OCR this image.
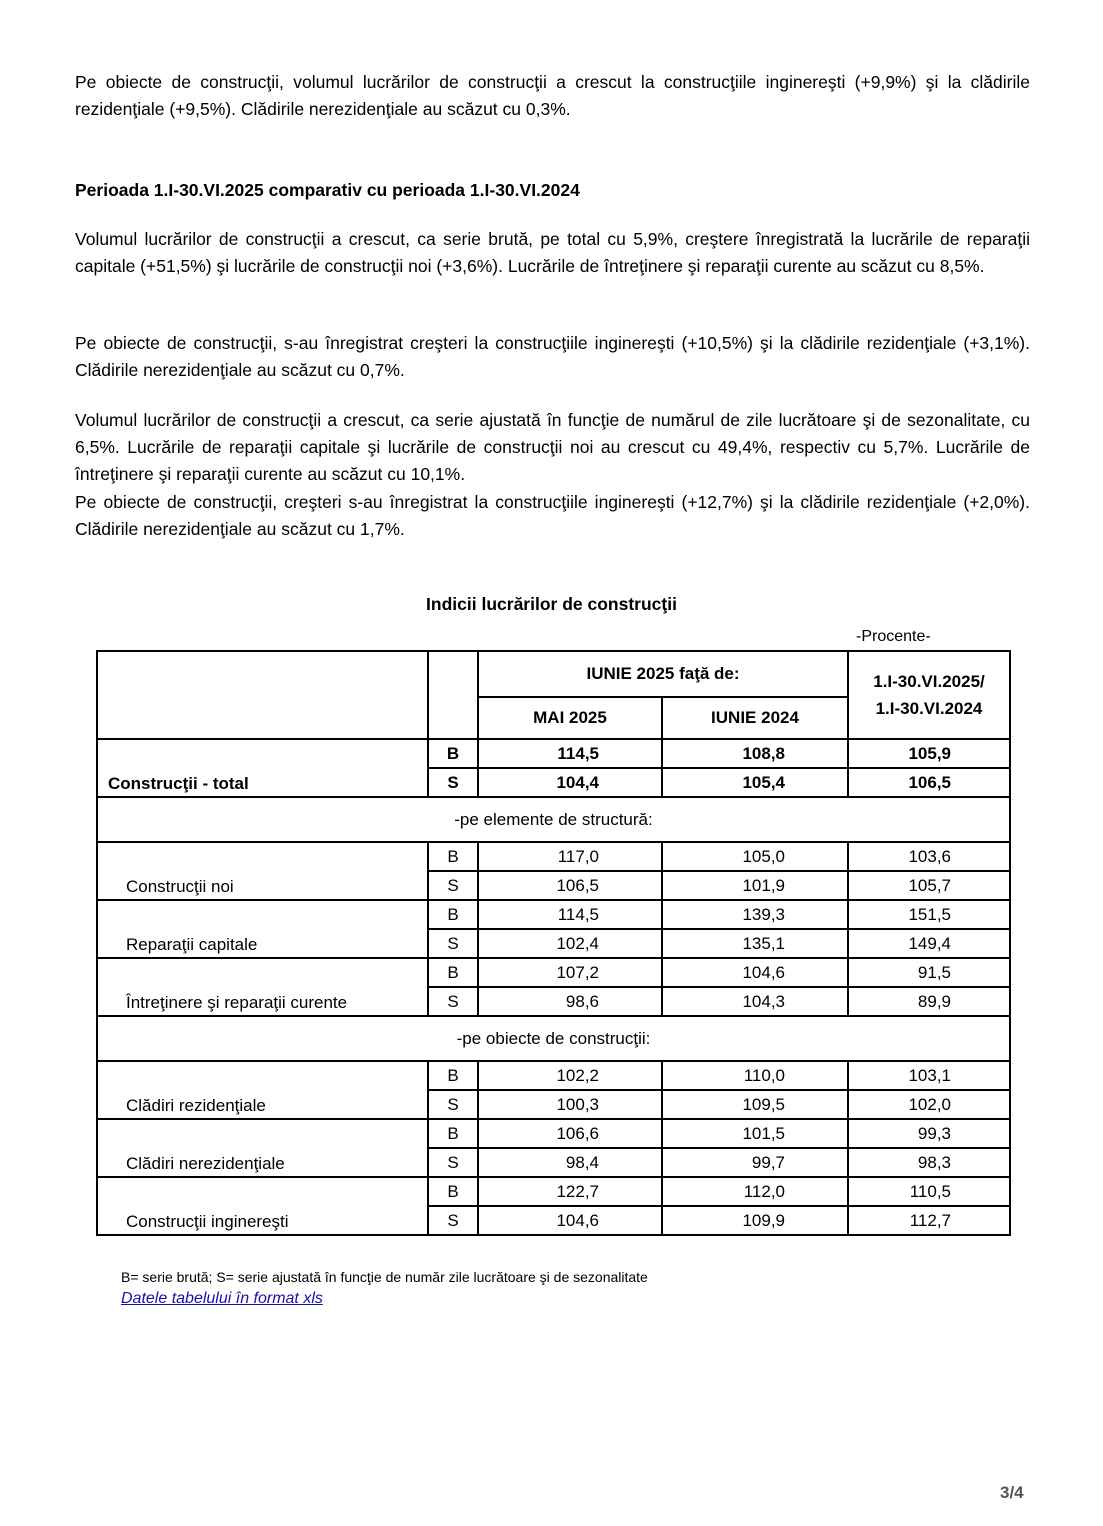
Pe obiecte de construcţii, volumul lucrărilor de construcţii a crescut la construcţiile inginereşti (+9,9%) şi la clădirile rezidenţiale (+9,5%). Clădirile nerezidenţiale au scăzut cu 0,3%.

Perioada 1.I-30.VI.2025 comparativ cu perioada 1.I-30.VI.2024

Volumul lucrărilor de construcţii a crescut, ca serie brută, pe total cu 5,9%, creştere înregistrată la lucrările de reparaţii capitale (+51,5%) şi lucrările de construcţii noi (+3,6%). Lucrările de întreţinere şi reparaţii curente au scăzut cu 8,5%.

Pe obiecte de construcţii, s-au înregistrat creşteri la construcţiile inginereşti (+10,5%) şi la clădirile rezidenţiale (+3,1%). Clădirile nerezidenţiale au scăzut cu 0,7%.

Volumul lucrărilor de construcţii a crescut, ca serie ajustată în funcţie de numărul de zile lucrătoare şi de sezonalitate, cu 6,5%. Lucrările de reparaţii capitale şi lucrările de construcţii noi au crescut cu 49,4%, respectiv cu 5,7%. Lucrările de întreţinere şi reparaţii curente au scăzut cu 10,1%.

Pe obiecte de construcţii, creşteri s-au înregistrat la construcţiile inginereşti (+12,7%) şi la clădirile rezidenţiale (+2,0%). Clădirile nerezidenţiale au scăzut cu 1,7%.

Indicii lucrărilor de construcţii

-Procente-

		IUNIE 2025 faţă de:		1.I-30.VI.2025/
1.I-30.VI.2024
		MAI 2025	IUNIE 2024	
Construcţii - total	B	114,5	108,8	105,9
	S	104,4	105,4	106,5
-pe elemente de structură:				
Construcţii noi	B	117,0	105,0	103,6
	S	106,5	101,9	105,7
Reparaţii capitale	B	114,5	139,3	151,5
	S	102,4	135,1	149,4
Întreţinere şi reparaţii curente	B	107,2	104,6	91,5
	S	98,6	104,3	89,9
-pe obiecte de construcţii:				
Clădiri rezidenţiale	B	102,2	110,0	103,1
	S	100,3	109,5	102,0
Clădiri nerezidenţiale	B	106,6	101,5	99,3
	S	98,4	99,7	98,3
Construcţii inginereşti	B	122,7	112,0	110,5
	S	104,6	109,9	112,7

B= serie brută; S= serie ajustată în funcţie de număr zile lucrătoare şi de sezonalitate

Datele tabelului în format xls

3/4
